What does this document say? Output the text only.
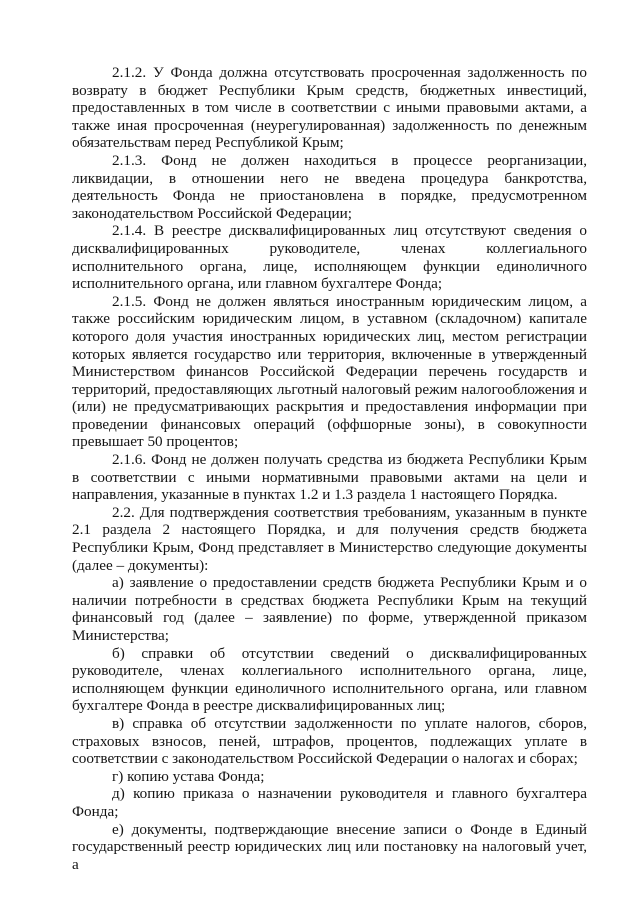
2.1.2. У Фонда должна отсутствовать просроченная задолженность по возврату в бюджет Республики Крым средств, бюджетных инвестиций, предоставленных в том числе в соответствии с иными правовыми актами, а также иная просроченная (неурегулированная) задолженность по денежным обязательствам перед Республикой Крым;

2.1.3. Фонд не должен находиться в процессе реорганизации, ликвидации, в отношении него не введена процедура банкротства, деятельность Фонда не приостановлена в порядке, предусмотренном законодательством Российской Федерации;

2.1.4. В реестре дисквалифицированных лиц отсутствуют сведения о дисквалифицированных руководителе, членах коллегиального исполнительного органа, лице, исполняющем функции единоличного исполнительного органа, или главном бухгалтере Фонда;

2.1.5. Фонд не должен являться иностранным юридическим лицом, а также российским юридическим лицом, в уставном (складочном) капитале которого доля участия иностранных юридических лиц, местом регистрации которых является государство или территория, включенные в утвержденный Министерством финансов Российской Федерации перечень государств и территорий, предоставляющих льготный налоговый режим налогообложения и (или) не предусматривающих раскрытия и предоставления информации при проведении финансовых операций (оффшорные зоны), в совокупности превышает 50 процентов;

2.1.6. Фонд не должен получать средства из бюджета Республики Крым в соответствии с иными нормативными правовыми актами на цели и направления, указанные в пунктах 1.2 и 1.3 раздела 1 настоящего Порядка.

2.2. Для подтверждения соответствия требованиям, указанным в пункте 2.1 раздела 2 настоящего Порядка, и для получения средств бюджета Республики Крым, Фонд представляет в Министерство следующие документы (далее – документы):

а) заявление о предоставлении средств бюджета Республики Крым и о наличии потребности в средствах бюджета Республики Крым на текущий финансовый год (далее – заявление) по форме, утвержденной приказом Министерства;

б) справки об отсутствии сведений о дисквалифицированных руководителе, членах коллегиального исполнительного органа, лице, исполняющем функции единоличного исполнительного органа, или главном бухгалтере Фонда в реестре дисквалифицированных лиц;

в) справка об отсутствии задолженности по уплате налогов, сборов, страховых взносов, пеней, штрафов, процентов, подлежащих уплате в соответствии с законодательством Российской Федерации о налогах и сборах;

г) копию устава Фонда;

д) копию приказа о назначении руководителя и главного бухгалтера Фонда;

е) документы, подтверждающие внесение записи о Фонде в Единый государственный реестр юридических лиц или постановку на налоговый учет, а
